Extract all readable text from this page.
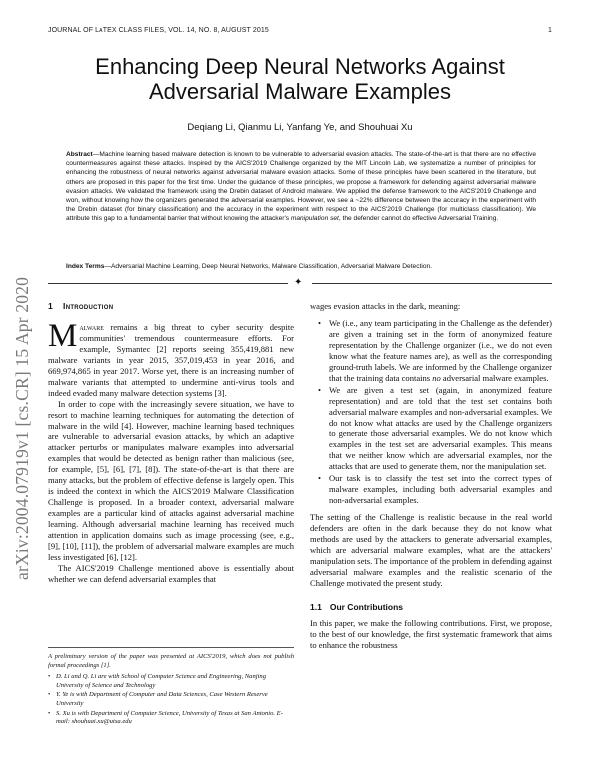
JOURNAL OF LᴀTEX CLASS FILES, VOL. 14, NO. 8, AUGUST 2015	1
arXiv:2004.07919v1 [cs.CR] 15 Apr 2020
Enhancing Deep Neural Networks Against
Adversarial Malware Examples
Deqiang Li, Qianmu Li, Yanfang Ye, and Shouhuai Xu
Abstract—Machine learning based malware detection is known to be vulnerable to adversarial evasion attacks. The state-of-the-art is that there are no effective countermeasures against these attacks. Inspired by the AICS'2019 Challenge organized by the MIT Lincoln Lab, we systematize a number of principles for enhancing the robustness of neural networks against adversarial malware evasion attacks. Some of these principles have been scattered in the literature, but others are proposed in this paper for the first time. Under the guidance of these principles, we propose a framework for defending against adversarial malware evasion attacks. We validated the framework using the Drebin dataset of Android malware. We applied the defense framework to the AICS'2019 Challenge and won, without knowing how the organizers generated the adversarial examples. However, we see a ~22% difference between the accuracy in the experiment with the Drebin dataset (for binary classification) and the accuracy in the experiment with respect to the AICS'2019 Challenge (for multiclass classification). We attribute this gap to a fundamental barrier that without knowing the attacker's manipulation set, the defender cannot do effective Adversarial Training.
Index Terms—Adversarial Machine Learning, Deep Neural Networks, Malware Classification, Adversarial Malware Detection.
✦
1 Introduction

Malware remains a big threat to cyber security despite communities' tremendous countermeasure efforts. For example, Symantec [2] reports seeing 355,419,881 new malware variants in year 2015, 357,019,453 in year 2016, and 669,974,865 in year 2017. Worse yet, there is an increasing number of malware variants that attempted to undermine anti-virus tools and indeed evaded many malware detection systems [3].

In order to cope with the increasingly severe situation, we have to resort to machine learning techniques for automating the detection of malware in the wild [4]. However, machine learning based techniques are vulnerable to adversarial evasion attacks, by which an adaptive attacker perturbs or manipulates malware examples into adversarial examples that would be detected as benign rather than malicious (see, for example, [5], [6], [7], [8]). The state-of-the-art is that there are many attacks, but the problem of effective defense is largely open. This is indeed the context in which the AICS'2019 Malware Classification Challenge is proposed. In a broader context, adversarial malware examples are a particular kind of attacks against adversarial machine learning. Although adversarial machine learning has received much attention in application domains such as image processing (see, e.g., [9], [10], [11]), the problem of adversarial malware examples are much less investigated [6], [12].

The AICS'2019 Challenge mentioned above is essentially about whether we can defend adversarial examples that

wages evasion attacks in the dark, meaning:

• We (i.e., any team participating in the Challenge as the defender) are given a training set in the form of anonymized feature representation by the Challenge organizer (i.e., we do not even know what the feature names are), as well as the corresponding ground-truth labels. We are informed by the Challenge organizer that the training data contains no adversarial malware examples.
• We are given a test set (again, in anonymized feature representation) and are told that the test set contains both adversarial malware examples and non-adversarial examples. We do not know what attacks are used by the Challenge organizers to generate those adversarial examples. We do not know which examples in the test set are adversarial examples. This means that we neither know which are adversarial examples, nor the attacks that are used to generate them, nor the manipulation set.
• Our task is to classify the test set into the correct types of malware examples, including both adversarial examples and non-adversarial examples.

The setting of the Challenge is realistic because in the real world defenders are often in the dark because they do not know what methods are used by the attackers to generate adversarial examples, which are adversarial malware examples, what are the attackers' manipulation sets. The importance of the problem in defending against adversarial malware examples and the realistic scenario of the Challenge motivated the present study.

1.1 Our Contributions

In this paper, we make the following contributions. First, we propose, to the best of our knowledge, the first systematic framework that aims to enhance the robustness

A preliminary version of the paper was presented at AICS'2019, which does not publish formal proceedings [1].

• D. Li and Q. Li are with School of Computer Science and Engineering, Nanjing University of Science and Technology
• Y. Ye is with Department of Computer and Data Sciences, Case Western Reserve University
• S. Xu is with Department of Computer Science, University of Texas at San Antonio. E-mail: shouhuai.xu@utsa.edu
